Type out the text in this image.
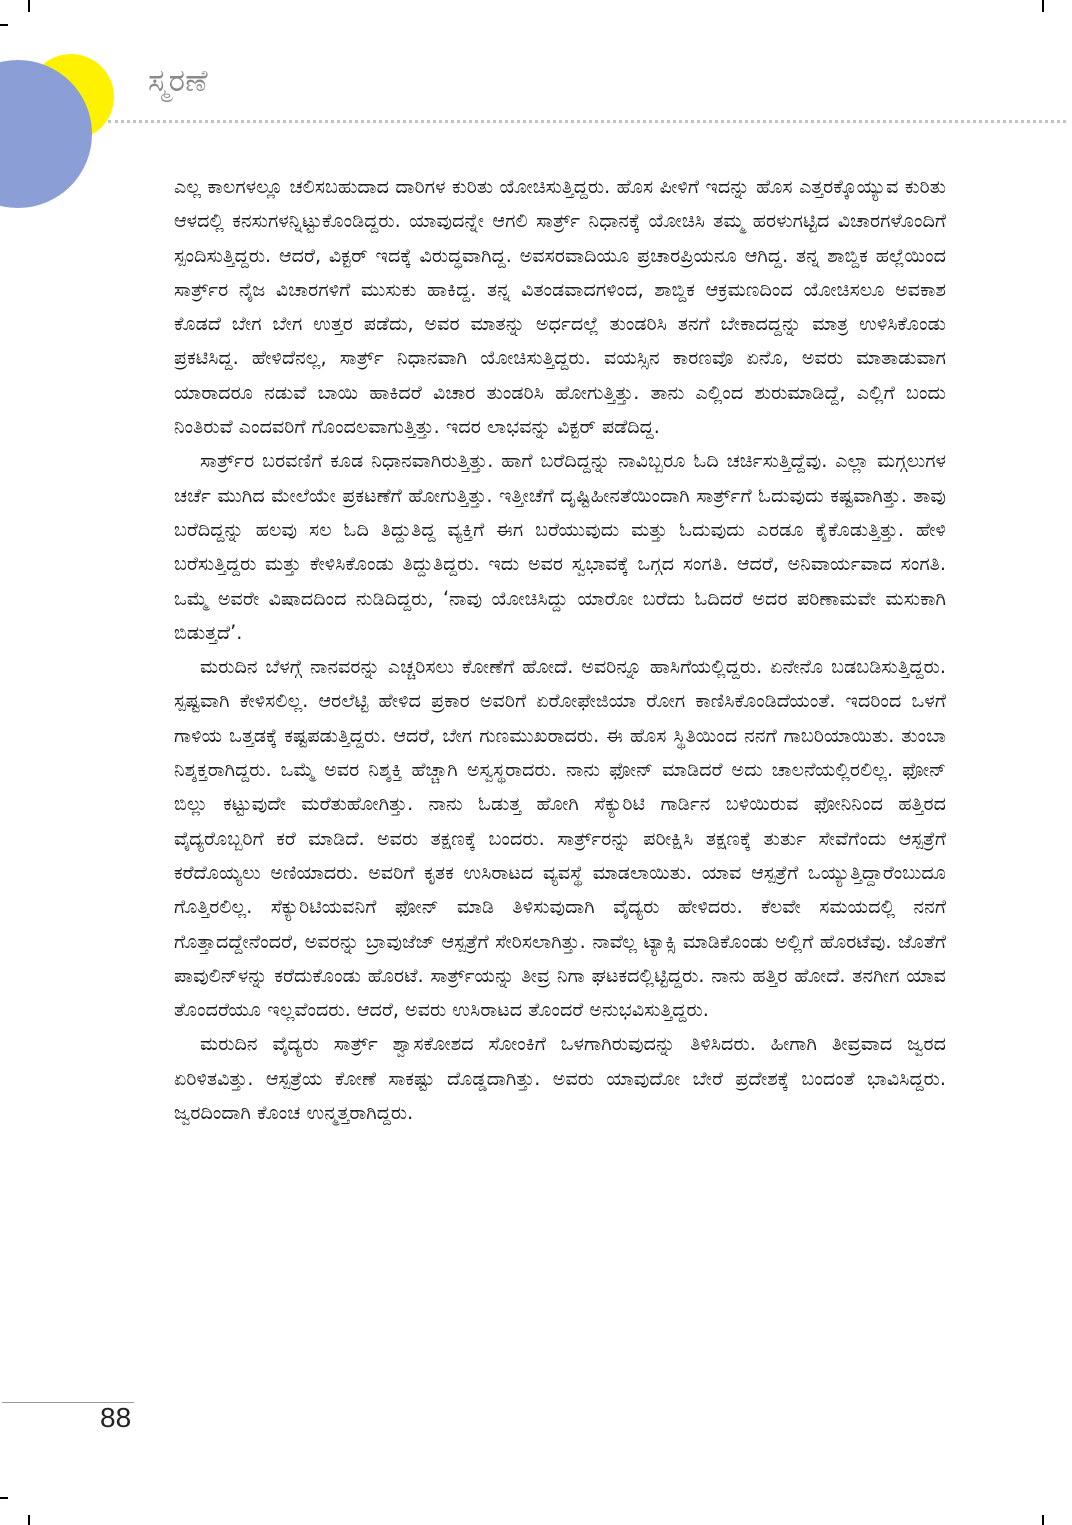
ಸ್ಮರಣೆ

ಎಲ್ಲ ಕಾಲಗಳಲ್ಲೂ ಚಲಿಸಬಹುದಾದ ದಾರಿಗಳ ಕುರಿತು ಯೋಚಿಸುತ್ತಿದ್ದರು. ಹೊಸ ಪೀಳಿಗೆ ಇದನ್ನು ಹೊಸ ಎತ್ತರಕ್ಕೊಯ್ಯುವ ಕುರಿತು ಆಳದಲ್ಲಿ ಕನಸುಗಳನ್ನಿಟ್ಟುಕೊಂಡಿದ್ದರು. ಯಾವುದನ್ನೇ ಆಗಲಿ ಸಾರ್ತ್ರ್ ನಿಧಾನಕ್ಕೆ ಯೋಚಿಸಿ ತಮ್ಮ ಹರಳುಗಟ್ಟಿದ ವಿಚಾರಗಳೊಂದಿಗೆ ಸ್ಪಂದಿಸುತ್ತಿದ್ದರು. ಆದರೆ, ವಿಕ್ಟರ್ ಇದಕ್ಕೆ ವಿರುದ್ಧವಾಗಿದ್ದ. ಅವಸರವಾದಿಯೂ ಪ್ರಚಾರಪ್ರಿಯನೂ ಆಗಿದ್ದ. ತನ್ನ ಶಾಬ್ದಿಕ ಹಲ್ಲೆಯಿಂದ ಸಾರ್ತ್ರ್‌ರ ನೈಜ ವಿಚಾರಗಳಿಗೆ ಮುಸುಕು ಹಾಕಿದ್ದ. ತನ್ನ ವಿತಂಡವಾದಗಳಿಂದ, ಶಾಬ್ದಿಕ ಆಕ್ರಮಣದಿಂದ ಯೋಚಿಸಲೂ ಅವಕಾಶ ಕೊಡದೆ ಬೇಗ ಬೇಗ ಉತ್ತರ ಪಡೆದು, ಅವರ ಮಾತನ್ನು ಅರ್ಧದಲ್ಲೆ ತುಂಡರಿಸಿ ತನಗೆ ಬೇಕಾದದ್ದನ್ನು ಮಾತ್ರ ಉಳಿಸಿಕೊಂಡು ಪ್ರಕಟಿಸಿದ್ದ. ಹೇಳಿದೆನಲ್ಲ, ಸಾರ್ತ್ರ್ ನಿಧಾನವಾಗಿ ಯೋಚಿಸುತ್ತಿದ್ದರು. ವಯಸ್ಸಿನ ಕಾರಣವೊ ಏನೊ, ಅವರು ಮಾತಾಡುವಾಗ ಯಾರಾದರೂ ನಡುವೆ ಬಾಯಿ ಹಾಕಿದರೆ ವಿಚಾರ ತುಂಡರಿಸಿ ಹೋಗುತ್ತಿತ್ತು. ತಾನು ಎಲ್ಲಿಂದ ಶುರುಮಾಡಿದ್ದೆ, ಎಲ್ಲಿಗೆ ಬಂದು ನಿಂತಿರುವೆ ಎಂದವರಿಗೆ ಗೊಂದಲವಾಗುತ್ತಿತ್ತು. ಇದರ ಲಾಭವನ್ನು ವಿಕ್ಟರ್ ಪಡೆದಿದ್ದ.

ಸಾರ್ತ್ರ್‌ರ ಬರವಣಿಗೆ ಕೂಡ ನಿಧಾನವಾಗಿರುತ್ತಿತ್ತು. ಹಾಗೆ ಬರೆದಿದ್ದನ್ನು ನಾವಿಬ್ಬರೂ ಓದಿ ಚರ್ಚಿಸುತ್ತಿದ್ದೆವು. ಎಲ್ಲಾ ಮಗ್ಗಲುಗಳ ಚರ್ಚೆ ಮುಗಿದ ಮೇಲೆಯೇ ಪ್ರಕಟಣೆಗೆ ಹೋಗುತ್ತಿತ್ತು. ಇತ್ತೀಚೆಗೆ ದೃಷ್ಟಿಹೀನತೆಯಿಂದಾಗಿ ಸಾರ್ತ್ರ್‌ಗೆ ಓದುವುದು ಕಷ್ಟವಾಗಿತ್ತು. ತಾವು ಬರೆದಿದ್ದನ್ನು ಹಲವು ಸಲ ಓದಿ ತಿದ್ದುತಿದ್ದ ವ್ಯಕ್ತಿಗೆ ಈಗ ಬರೆಯುವುದು ಮತ್ತು ಓದುವುದು ಎರಡೂ ಕೈಕೊಡುತ್ತಿತ್ತು. ಹೇಳಿ ಬರೆಸುತ್ತಿದ್ದರು ಮತ್ತು ಕೇಳಿಸಿಕೊಂಡು ತಿದ್ದುತಿದ್ದರು. ಇದು ಅವರ ಸ್ವಭಾವಕ್ಕೆ ಒಗ್ಗದ ಸಂಗತಿ. ಆದರೆ, ಅನಿವಾರ್ಯವಾದ ಸಂಗತಿ. ಒಮ್ಮೆ ಅವರೇ ವಿಷಾದದಿಂದ ನುಡಿದಿದ್ದರು, ‘ನಾವು ಯೋಚಿಸಿದ್ದು ಯಾರೋ ಬರೆದು ಓದಿದರೆ ಅದರ ಪರಿಣಾಮವೇ ಮಸುಕಾಗಿ ಬಿಡುತ್ತದೆ’.

ಮರುದಿನ ಬೆಳಗ್ಗೆ ನಾನವರನ್ನು ಎಚ್ಚರಿಸಲು ಕೋಣೆಗೆ ಹೋದೆ. ಅವರಿನ್ನೂ ಹಾಸಿಗೆಯಲ್ಲಿದ್ದರು. ಏನೇನೊ ಬಡಬಡಿಸುತ್ತಿದ್ದರು. ಸ್ಪಷ್ಟವಾಗಿ ಕೇಳಿಸಲಿಲ್ಲ. ಆರಲೆಟ್ಟಿ ಹೇಳಿದ ಪ್ರಕಾರ ಅವರಿಗೆ ಏರೋಫೇಜಿಯಾ ರೋಗ ಕಾಣಿಸಿಕೊಂಡಿದೆಯಂತೆ. ಇದರಿಂದ ಒಳಗೆ ಗಾಳಿಯ ಒತ್ತಡಕ್ಕೆ ಕಷ್ಟಪಡುತ್ತಿದ್ದರು. ಆದರೆ, ಬೇಗ ಗುಣಮುಖರಾದರು. ಈ ಹೊಸ ಸ್ಥಿತಿಯಿಂದ ನನಗೆ ಗಾಬರಿಯಾಯಿತು. ತುಂಬಾ ನಿಶ್ಶಕ್ತರಾಗಿದ್ದರು. ಒಮ್ಮೆ ಅವರ ನಿಶ್ಶಕ್ತಿ ಹೆಚ್ಚಾಗಿ ಅಸ್ವಸ್ಥರಾದರು. ನಾನು ಫೋನ್ ಮಾಡಿದರೆ ಅದು ಚಾಲನೆಯಲ್ಲಿರಲಿಲ್ಲ. ಫೋನ್ ಬಿಲ್ಲು ಕಟ್ಟುವುದೇ ಮರೆತುಹೋಗಿತ್ತು. ನಾನು ಓಡುತ್ತ ಹೋಗಿ ಸೆಕ್ಯುರಿಟಿ ಗಾರ್ಡಿನ ಬಳಿಯಿರುವ ಫೋನಿನಿಂದ ಹತ್ತಿರದ ವೈದ್ಯರೊಬ್ಬರಿಗೆ ಕರೆ ಮಾಡಿದೆ. ಅವರು ತಕ್ಷಣಕ್ಕೆ ಬಂದರು. ಸಾರ್ತ್ರ್‌ರನ್ನು ಪರೀಕ್ಷಿಸಿ ತಕ್ಷಣಕ್ಕೆ ತುರ್ತು ಸೇವೆಗೆಂದು ಆಸ್ಪತ್ರೆಗೆ ಕರೆದೊಯ್ಯಲು ಅಣಿಯಾದರು. ಅವರಿಗೆ ಕೃತಕ ಉಸಿರಾಟದ ವ್ಯವಸ್ಥೆ ಮಾಡಲಾಯಿತು. ಯಾವ ಆಸ್ಪತ್ರೆಗೆ ಒಯ್ಯುತ್ತಿದ್ದಾರೆಂಬುದೂ ಗೊತ್ತಿರಲಿಲ್ಲ. ಸೆಕ್ಯುರಿಟಿಯವನಿಗೆ ಫೋನ್ ಮಾಡಿ ತಿಳಿಸುವುದಾಗಿ ವೈದ್ಯರು ಹೇಳಿದರು. ಕೆಲವೇ ಸಮಯದಲ್ಲಿ ನನಗೆ ಗೊತ್ತಾದದ್ದೇನೆಂದರೆ, ಅವರನ್ನು ಬ್ರಾವುಜೆಜ್ ಆಸ್ಪತ್ರೆಗೆ ಸೇರಿಸಲಾಗಿತ್ತು. ನಾವೆಲ್ಲ ಟ್ಯಾಕ್ಸಿ ಮಾಡಿಕೊಂಡು ಅಲ್ಲಿಗೆ ಹೊರಟೆವು. ಜೊತೆಗೆ ಪಾವುಲಿನ್‌ಳನ್ನು ಕರೆದುಕೊಂಡು ಹೊರಟೆ. ಸಾರ್ತ್ರ್‌ಯನ್ನು ತೀವ್ರ ನಿಗಾ ಘಟಕದಲ್ಲಿಟ್ಟಿದ್ದರು. ನಾನು ಹತ್ತಿರ ಹೋದೆ. ತನಗೀಗ ಯಾವ ತೊಂದರೆಯೂ ಇಲ್ಲವೆಂದರು. ಆದರೆ, ಅವರು ಉಸಿರಾಟದ ತೊಂದರೆ ಅನುಭವಿಸುತ್ತಿದ್ದರು.

ಮರುದಿನ ವೈದ್ಯರು ಸಾರ್ತ್ರ್ ಶ್ವಾಸಕೋಶದ ಸೋಂಕಿಗೆ ಒಳಗಾಗಿರುವುದನ್ನು ತಿಳಿಸಿದರು. ಹೀಗಾಗಿ ತೀವ್ರವಾದ ಜ್ವರದ ಏರಿಳಿತವಿತ್ತು. ಆಸ್ಪತ್ರೆಯ ಕೋಣೆ ಸಾಕಷ್ಟು ದೊಡ್ಡದಾಗಿತ್ತು. ಅವರು ಯಾವುದೋ ಬೇರೆ ಪ್ರದೇಶಕ್ಕೆ ಬಂದಂತೆ ಭಾವಿಸಿದ್ದರು. ಜ್ವರದಿಂದಾಗಿ ಕೊಂಚ ಉನ್ಮತ್ತರಾಗಿದ್ದರು.

88
